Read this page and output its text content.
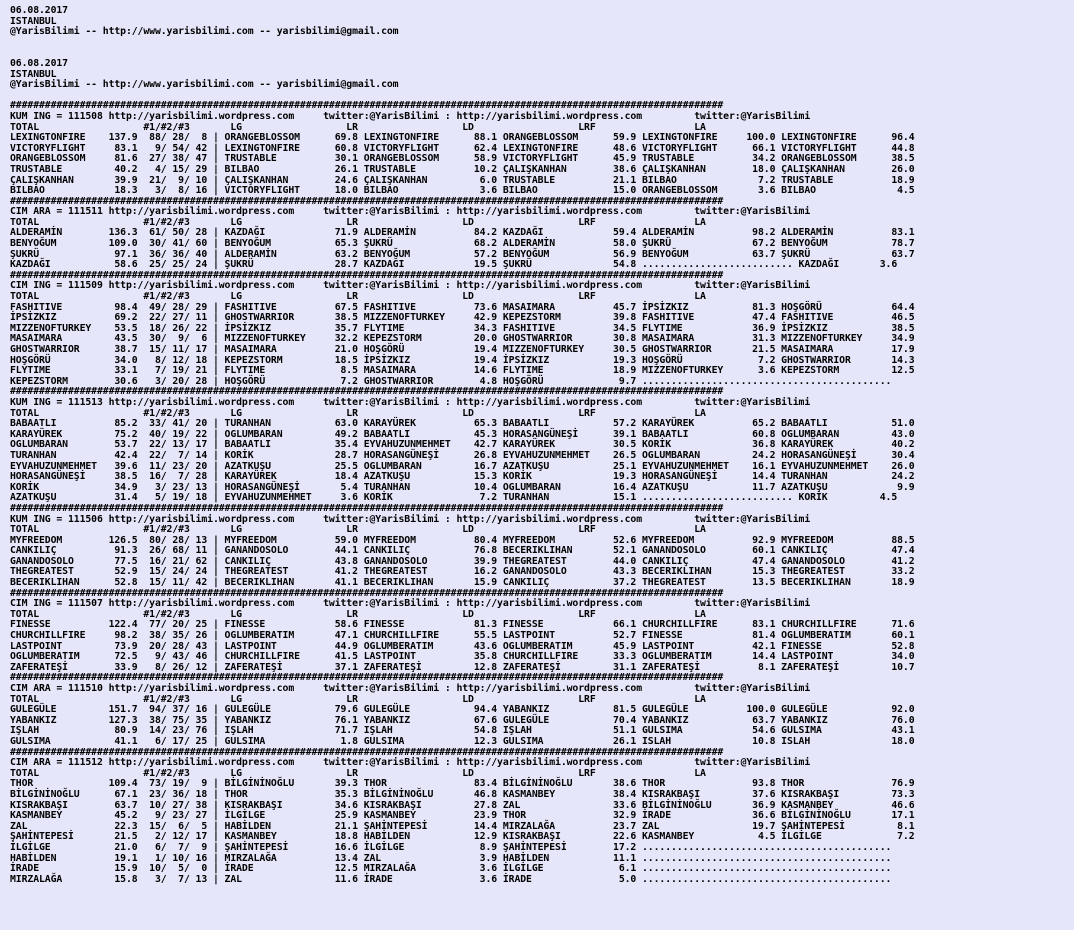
06.08.2017
ISTANBUL
@YarisBilimi -- http://www.yarisbilimi.com -- yarisbilimi@gmail.com

06.08.2017
ISTANBUL
@YarisBilimi -- http://www.yarisbilimi.com -- yarisbilimi@gmail.com

###########################################################################################################################
KUM ING = 111508 http://yarisbilimi.wordpress.com     twitter:@YarisBilimi : http://yarisbilimi.wordpress.com         twitter:@YarisBilimi
TOTAL                  #1/#2/#3       LG                  LR                  LD                  LRF                 LA
LEXINGTONFIRE    137.9  88/ 28/  8 | ORANGEBLOSSOM      69.8 LEXINGTONFIRE      88.1 ORANGEBLOSSOM      59.9 LEXINGTONFIRE     100.0 LEXINGTONFIRE      96.4
VICTORYFLIGHT     83.1   9/ 54/ 42 | LEXINGTONFIRE      60.8 VICTORYFLIGHT      62.4 LEXINGTONFIRE      48.6 VICTORYFLIGHT      66.1 VICTORYFLIGHT      44.8
ORANGEBLOSSOM     81.6  27/ 38/ 47 | TRUSTABLE          30.1 ORANGEBLOSSOM      58.9 VICTORYFLIGHT      45.9 TRUSTABLE          34.2 ORANGEBLOSSOM      38.5
TRUSTABLE         40.2   4/ 15/ 29 | BILBAO             26.1 TRUSTABLE          10.2 ÇALIŞKANHAN        38.6 ÇALIŞKANHAN        18.0 ÇALIŞKANHAN        26.0
ÇALIŞKANHAN       39.9  21/  9/ 10 | ÇALIŞKANHAN        24.6 ÇALIŞKANHAN         6.0 TRUSTABLE          21.1 BILBAO              7.2 TRUSTABLE          18.9
BILBAO            18.3   3/  8/ 16 | VICTORYFLIGHT      18.0 BILBAO              3.6 BILBAO             15.0 ORANGEBLOSSOM       3.6 BILBAO              4.5
###########################################################################################################################
CIM ARA = 111511 http://yarisbilimi.wordpress.com     twitter:@YarisBilimi : http://yarisbilimi.wordpress.com         twitter:@YarisBilimi
TOTAL                  #1/#2/#3       LG                  LR                  LD                  LRF                 LA
ALDERAMİN        136.3  61/ 50/ 28 | KAZDAĞI            71.9 ALDERAMİN          84.2 KAZDAĞI            59.4 ALDERAMİN          98.2 ALDERAMİN          83.1
BENYOĞUM         109.0  30/ 41/ 60 | BENYOĞUM           65.3 ŞUKRÜ              68.2 ALDERAMİN          58.0 ŞUKRÜ              67.2 BENYOĞUM           78.7
ŞUKRÜ             97.1  36/ 36/ 40 | ALDERAMİN          63.2 BENYOĞUM           57.2 BENYOĞUM           56.9 BENYOĞUM           63.7 ŞUKRÜ              63.7
KAZDAĞI           58.6  25/ 25/ 24 | ŞUKRÜ              28.7 KAZDAĞI            19.5 ŞUKRÜ              54.8 .......................... KAZDAĞI       3.6
###########################################################################################################################
CIM ING = 111509 http://yarisbilimi.wordpress.com     twitter:@YarisBilimi : http://yarisbilimi.wordpress.com         twitter:@YarisBilimi
TOTAL                  #1/#2/#3       LG                  LR                  LD                  LRF                 LA
FASHITIVE         98.4  49/ 28/ 29 | FASHITIVE          67.5 FASHITIVE          73.6 MASAIMARA          45.7 İPSİZKIZ           81.3 HOŞGÖRÜ            64.4
İPSİZKIZ          69.2  22/ 27/ 11 | GHOSTWARRIOR       38.5 MIZZENOFTURKEY     42.9 KEPEZSTORM         39.8 FASHITIVE          47.4 FASHITIVE          46.5
MIZZENOFTURKEY    53.5  18/ 26/ 22 | İPSİZKIZ           35.7 FLYTIME            34.3 FASHITIVE          34.5 FLYTIME            36.9 İPSİZKIZ           38.5
MASAIMARA         43.5  30/  9/  6 | MIZZENOFTURKEY     32.2 KEPEZSTORM         20.0 GHOSTWARRIOR       30.8 MASAIMARA          31.3 MIZZENOFTURKEY     34.9
GHOSTWARRIOR      38.7  15/ 11/ 17 | MASAIMARA          21.0 HOŞGÖRÜ            19.4 MIZZENOFTURKEY     30.5 GHOSTWARRIOR       21.5 MASAIMARA          17.9
HOŞGÖRÜ           34.0   8/ 12/ 18 | KEPEZSTORM         18.5 İPSİZKIZ           19.4 İPSİZKIZ           19.3 HOŞGÖRÜ             7.2 GHOSTWARRIOR       14.3
FLYTIME           33.1   7/ 19/ 21 | FLYTIME             8.5 MASAIMARA          14.6 FLYTIME            18.9 MIZZENOFTURKEY      3.6 KEPEZSTORM         12.5
KEPEZSTORM        30.6   3/ 20/ 28 | HOŞGÖRÜ             7.2 GHOSTWARRIOR        4.8 HOŞGÖRÜ             9.7 ...........................................
###########################################################################################################################
KUM ING = 111513 http://yarisbilimi.wordpress.com     twitter:@YarisBilimi : http://yarisbilimi.wordpress.com         twitter:@YarisBilimi
TOTAL                  #1/#2/#3       LG                  LR                  LD                  LRF                 LA
BABAATLI          85.2  33/ 41/ 20 | TURANHAN           63.0 KARAYÜREK          65.3 BABAATLI           57.2 KARAYÜREK          65.2 BABAATLI           51.0
KARAYÜREK         75.2  40/ 19/ 22 | OGLUMBARAN         49.2 BABAATLI           45.3 HORASANGÜNEŞİ      39.1 BABAATLI           60.8 OGLUMBARAN         43.0
OGLUMBARAN        53.7  22/ 13/ 17 | BABAATLI           35.4 EYVAHUZUNMEHMET    42.7 KARAYÜREK          30.5 KORİK              36.8 KARAYÜREK          40.2
TURANHAN          42.4  22/  7/ 14 | KORİK              28.7 HORASANGÜNEŞİ      26.8 EYVAHUZUNMEHMET    26.5 OGLUMBARAN         24.2 HORASANGÜNEŞİ      30.4
EYVAHUZUNMEHMET   39.6  11/ 23/ 20 | AZATKUŞU           25.5 OGLUMBARAN         16.7 AZATKUŞU           25.1 EYVAHUZUNMEHMET    16.1 EYVAHUZUNMEHMET    26.0
HORASANGÜNEŞİ     38.5  16/  7/ 28 | KARAYÜREK          18.4 AZATKUŞU           15.3 KORİK              19.3 HORASANGÜNEŞİ      14.4 TURANHAN           24.2
KORİK             34.9   3/ 23/ 13 | HORASANGÜNEŞİ       5.4 TURANHAN           10.4 OGLUMBARAN         16.4 AZATKUŞU           11.7 AZATKUŞU            9.9
AZATKUŞU          31.4   5/ 19/ 18 | EYVAHUZUNMEHMET     3.6 KORİK               7.2 TURANHAN           15.1 .......................... KORİK         4.5
###########################################################################################################################
KUM ING = 111506 http://yarisbilimi.wordpress.com     twitter:@YarisBilimi : http://yarisbilimi.wordpress.com         twitter:@YarisBilimi
TOTAL                  #1/#2/#3       LG                  LR                  LD                  LRF                 LA
MYFREEDOM        126.5  80/ 28/ 13 | MYFREEDOM          59.0 MYFREEDOM          80.4 MYFREEDOM          52.6 MYFREEDOM          92.9 MYFREEDOM          88.5
CANKILIÇ          91.3  26/ 68/ 11 | GANANDOSOLO        44.1 CANKILIÇ           76.8 BECERIKLIHAN       52.1 GANANDOSOLO        60.1 CANKILIÇ           47.4
GANANDOSOLO       77.5  16/ 21/ 62 | CANKILIÇ           43.8 GANANDOSOLO        39.9 THEGREATEST        44.0 CANKILIÇ           47.4 GANANDOSOLO        41.2
THEGREATEST       52.9  15/ 24/ 24 | THEGREATEST        41.2 THEGREATEST        16.2 GANANDOSOLO        43.3 BECERIKLIHAN       15.3 THEGREATEST        33.2
BECERIKLIHAN      52.8  15/ 11/ 42 | BECERIKLIHAN       41.1 BECERIKLIHAN       15.9 CANKILIÇ           37.2 THEGREATEST        13.5 BECERIKLIHAN       18.9
###########################################################################################################################
CIM ING = 111507 http://yarisbilimi.wordpress.com     twitter:@YarisBilimi : http://yarisbilimi.wordpress.com         twitter:@YarisBilimi
TOTAL                  #1/#2/#3       LG                  LR                  LD                  LRF                 LA
FINESSE          122.4  77/ 20/ 25 | FINESSE            58.6 FINESSE            81.3 FINESSE            66.1 CHURCHILLFIRE      83.1 CHURCHILLFIRE      71.6
CHURCHILLFIRE     98.2  38/ 35/ 26 | OGLUMBERATIM       47.1 CHURCHILLFIRE      55.5 LASTPOINT          52.7 FINESSE            81.4 OGLUMBERATIM       60.1
LASTPOINT         73.9  20/ 28/ 43 | LASTPOINT          44.9 OGLUMBERATIM       43.6 OGLUMBERATIM       45.9 LASTPOINT          42.1 FINESSE            52.8
OGLUMBERATIM      72.5   9/ 43/ 46 | CHURCHILLFIRE      41.5 LASTPOINT          35.8 CHURCHILLFIRE      33.3 OGLUMBERATIM       14.4 LASTPOINT          34.0
ZAFERATEŞİ        33.9   8/ 26/ 12 | ZAFERATEŞİ         37.1 ZAFERATEŞİ         12.8 ZAFERATEŞİ         31.1 ZAFERATEŞİ          8.1 ZAFERATEŞİ         10.7
###########################################################################################################################
CIM ARA = 111510 http://yarisbilimi.wordpress.com     twitter:@YarisBilimi : http://yarisbilimi.wordpress.com         twitter:@YarisBilimi
TOTAL                  #1/#2/#3       LG                  LR                  LD                  LRF                 LA
GULEGÜLE         151.7  94/ 37/ 16 | GULEGÜLE           79.6 GULEGÜLE           94.4 YABANKIZ           81.5 GULEGÜLE          100.0 GULEGÜLE           92.0
YABANKIZ         127.3  38/ 75/ 35 | YABANKIZ           76.1 YABANKIZ           67.6 GULEGÜLE           70.4 YABANKIZ           63.7 YABANKIZ           76.0
IŞLAH             80.9  14/ 23/ 76 | IŞLAH              71.7 IŞLAH              54.8 IŞLAH              51.1 GULSIMA            54.6 GULSIMA            43.1
GULSIMA           41.1   6/ 17/ 25 | GULSIMA             1.8 GULSIMA            12.3 GULSIMA            26.1 ISLAH              10.8 ISLAH              18.0
###########################################################################################################################
CIM ARA = 111512 http://yarisbilimi.wordpress.com     twitter:@YarisBilimi : http://yarisbilimi.wordpress.com         twitter:@YarisBilimi
TOTAL                  #1/#2/#3       LG                  LR                  LD                  LRF                 LA
THOR             109.4  73/ 19/  9 | BİLGİNİNOĞLU       39.3 THOR               83.4 BİLGİNİNOĞLU       38.6 THOR               93.8 THOR               76.9
BİLGİNİNOĞLU      67.1  23/ 36/ 18 | THOR               35.3 BİLGİNİNOĞLU       46.8 KASMANBEY          38.4 KISRAKBAŞI         37.6 KISRAKBAŞI         73.3
KISRAKBAŞI        63.7  10/ 27/ 38 | KISRAKBAŞI         34.6 KISRAKBAŞI         27.8 ZAL                33.6 BİLGİNİNOĞLU       36.9 KASMANBEY          46.6
KASMANBEY         45.2   9/ 23/ 27 | İLGİLGE            25.9 KASMANBEY          23.9 THOR               32.9 İRADE              36.6 BİLGİNİNOĞLU       17.1
ZAL               22.3  15/  6/  5 | HABİLDEN           21.1 ŞAHİNTEPESİ        14.4 MIRZALAĞA          23.7 ZAL                19.7 ŞAHİNTEPESİ         8.1
ŞAHİNTEPESİ       21.5   2/ 12/ 17 | KASMANBEY          18.8 HABİLDEN           12.9 KISRAKBAŞI         22.6 KASMANBEY           4.5 İLGİLGE             7.2
İLGİLGE           21.0   6/  7/  9 | ŞAHİNTEPESİ        16.6 İLGİLGE             8.9 ŞAHİNTEPESİ        17.2 ...........................................
HABİLDEN          19.1   1/ 10/ 16 | MIRZALAĞA          13.4 ZAL                 3.9 HABİLDEN           11.1 ...........................................
İRADE             15.9  10/  5/  0 | İRADE              12.5 MIRZALAĞA           3.6 İLGİLGE             6.1 ...........................................
MIRZALAĞA         15.8   3/  7/ 13 | ZAL                11.6 İRADE               3.6 İRADE               5.0 ...........................................
